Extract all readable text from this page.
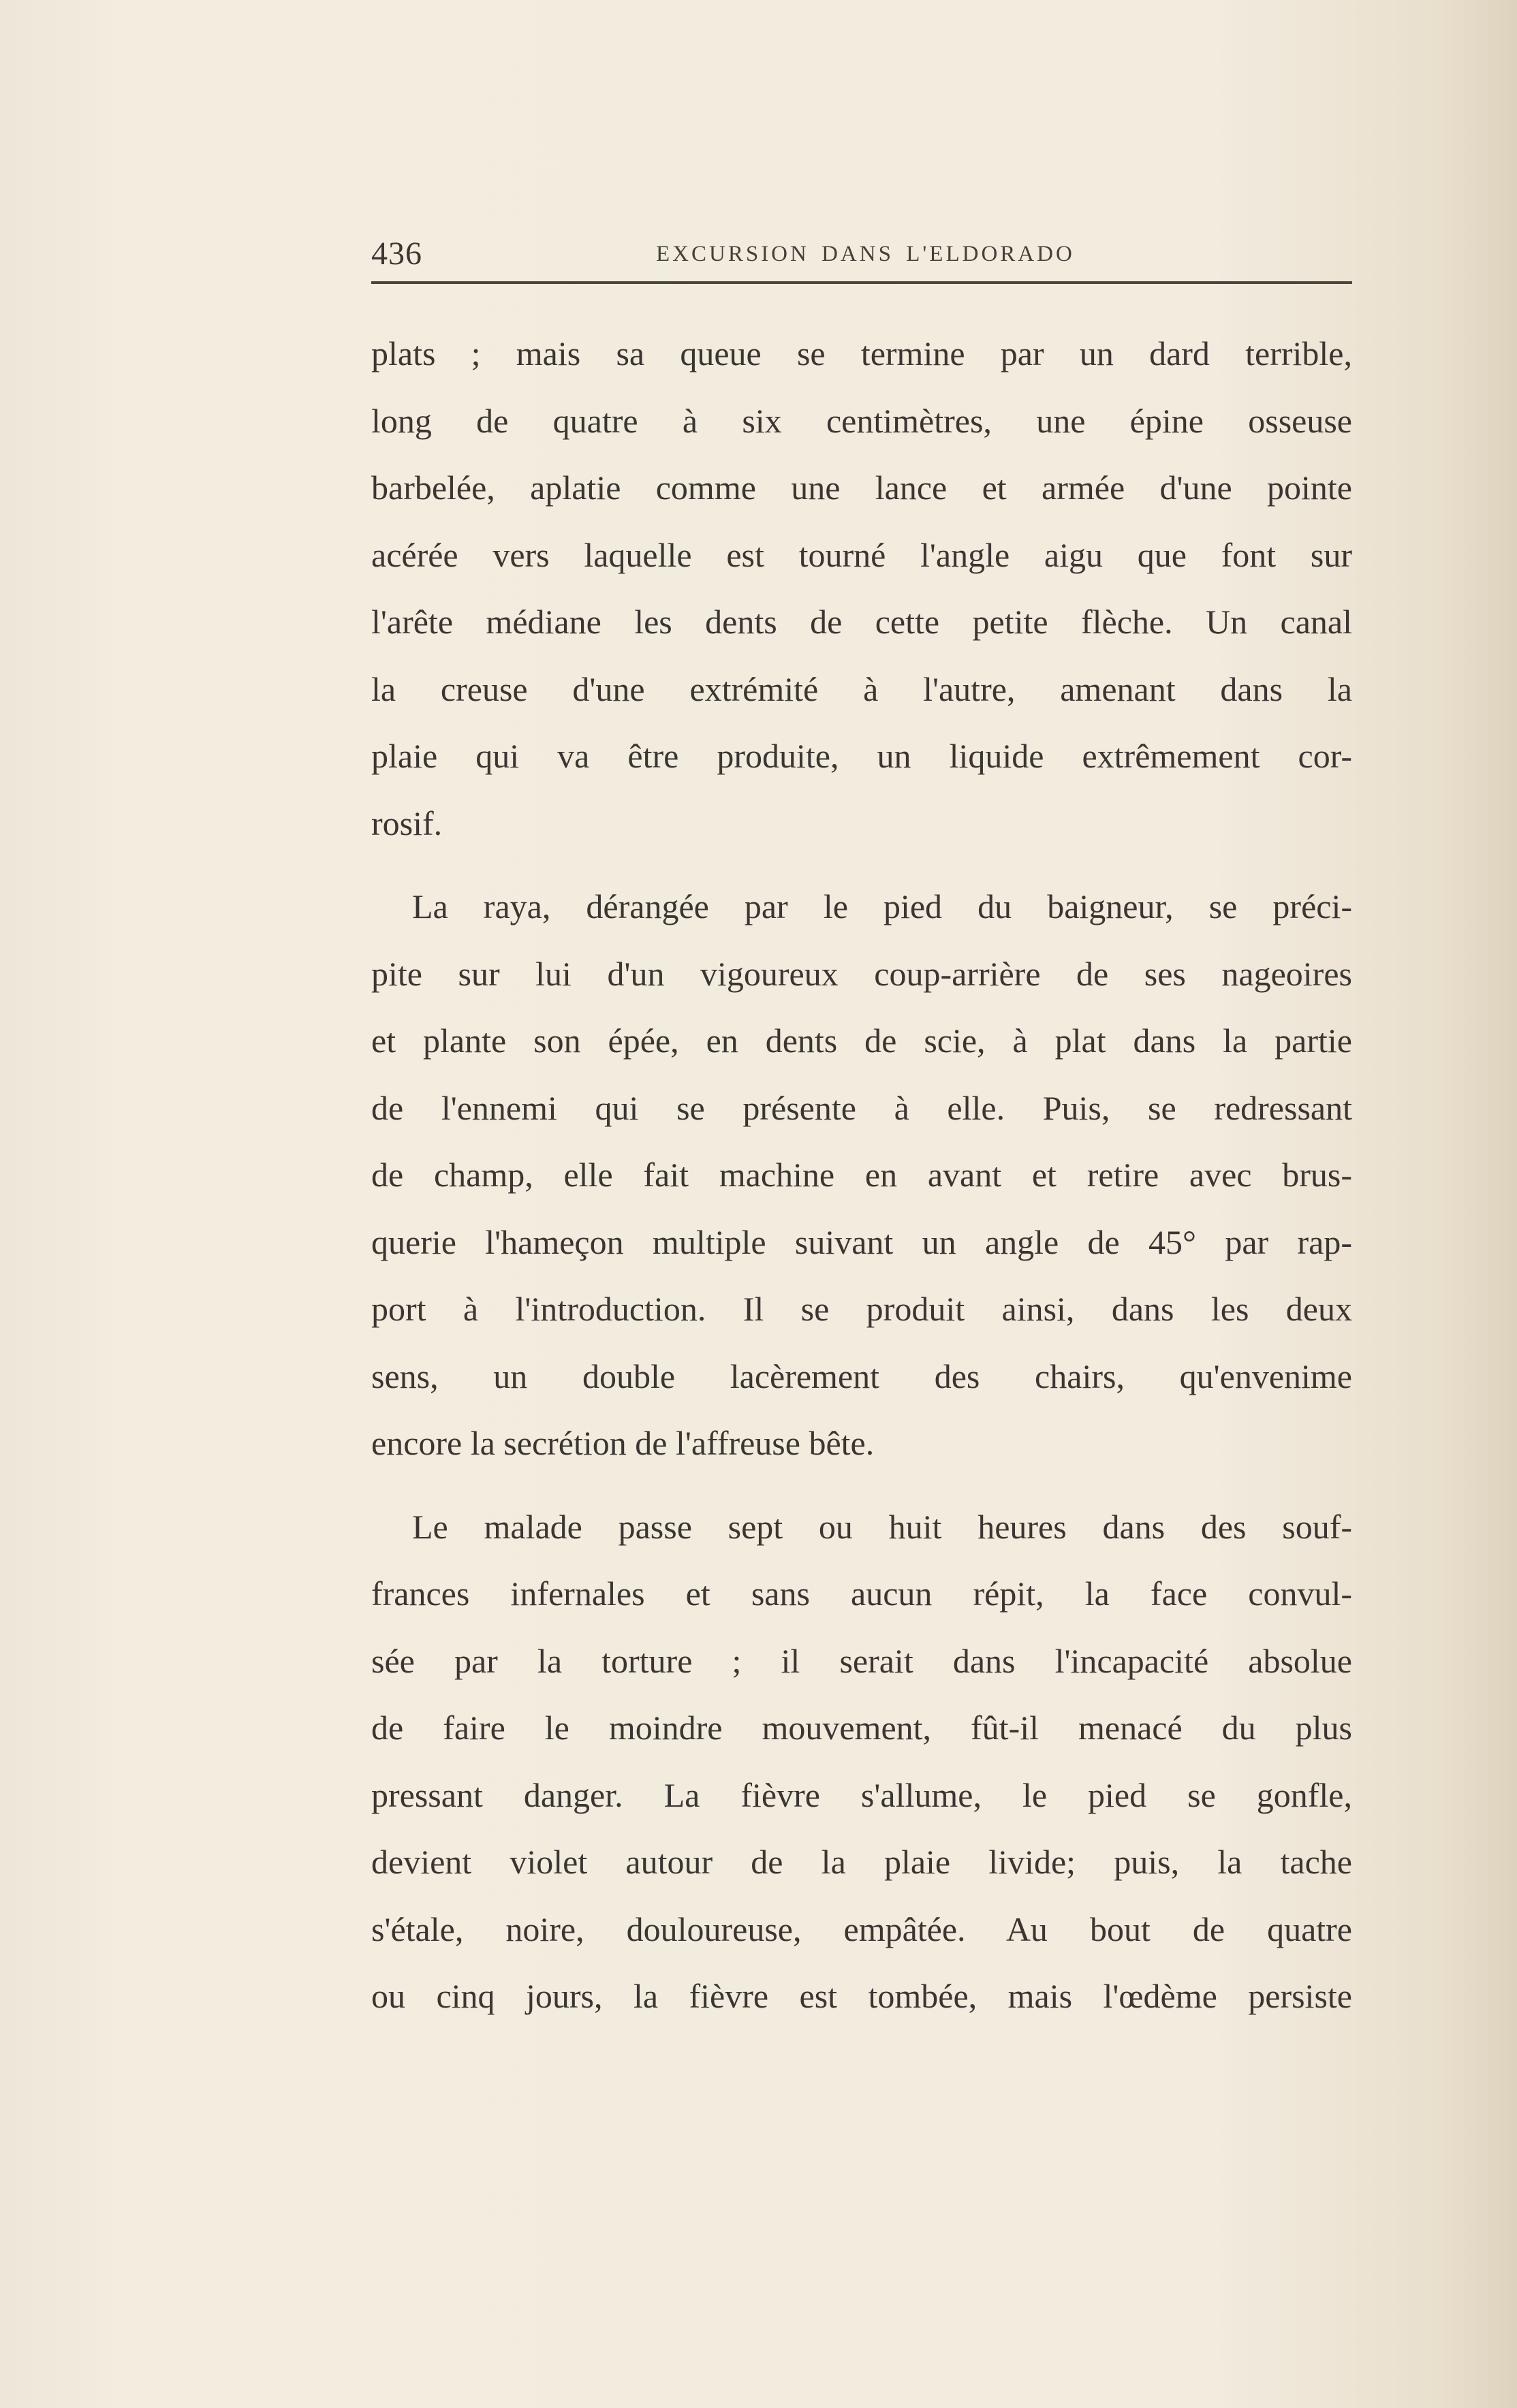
436	EXCURSION DANS L'ELDORADO
plats ; mais sa queue se termine par un dard terrible,
long de quatre à six centimètres, une épine osseuse
barbelée, aplatie comme une lance et armée d'une pointe
acérée vers laquelle est tourné l'angle aigu que font sur
l'arête médiane les dents de cette petite flèche. Un canal
la creuse d'une extrémité à l'autre, amenant dans la
plaie qui va être produite, un liquide extrêmement cor-
rosif.
La raya, dérangée par le pied du baigneur, se préci-
pite sur lui d'un vigoureux coup-arrière de ses nageoires
et plante son épée, en dents de scie, à plat dans la partie
de l'ennemi qui se présente à elle. Puis, se redressant
de champ, elle fait machine en avant et retire avec brus-
querie l'hameçon multiple suivant un angle de 45° par rap-
port à l'introduction. Il se produit ainsi, dans les deux
sens, un double lacèrement des chairs, qu'envenime
encore la secrétion de l'affreuse bête.
Le malade passe sept ou huit heures dans des souf-
frances infernales et sans aucun répit, la face convul-
sée par la torture ; il serait dans l'incapacité absolue
de faire le moindre mouvement, fût-il menacé du plus
pressant danger. La fièvre s'allume, le pied se gonfle,
devient violet autour de la plaie livide; puis, la tache
s'étale, noire, douloureuse, empâtée. Au bout de quatre
ou cinq jours, la fièvre est tombée, mais l'œdème persiste
